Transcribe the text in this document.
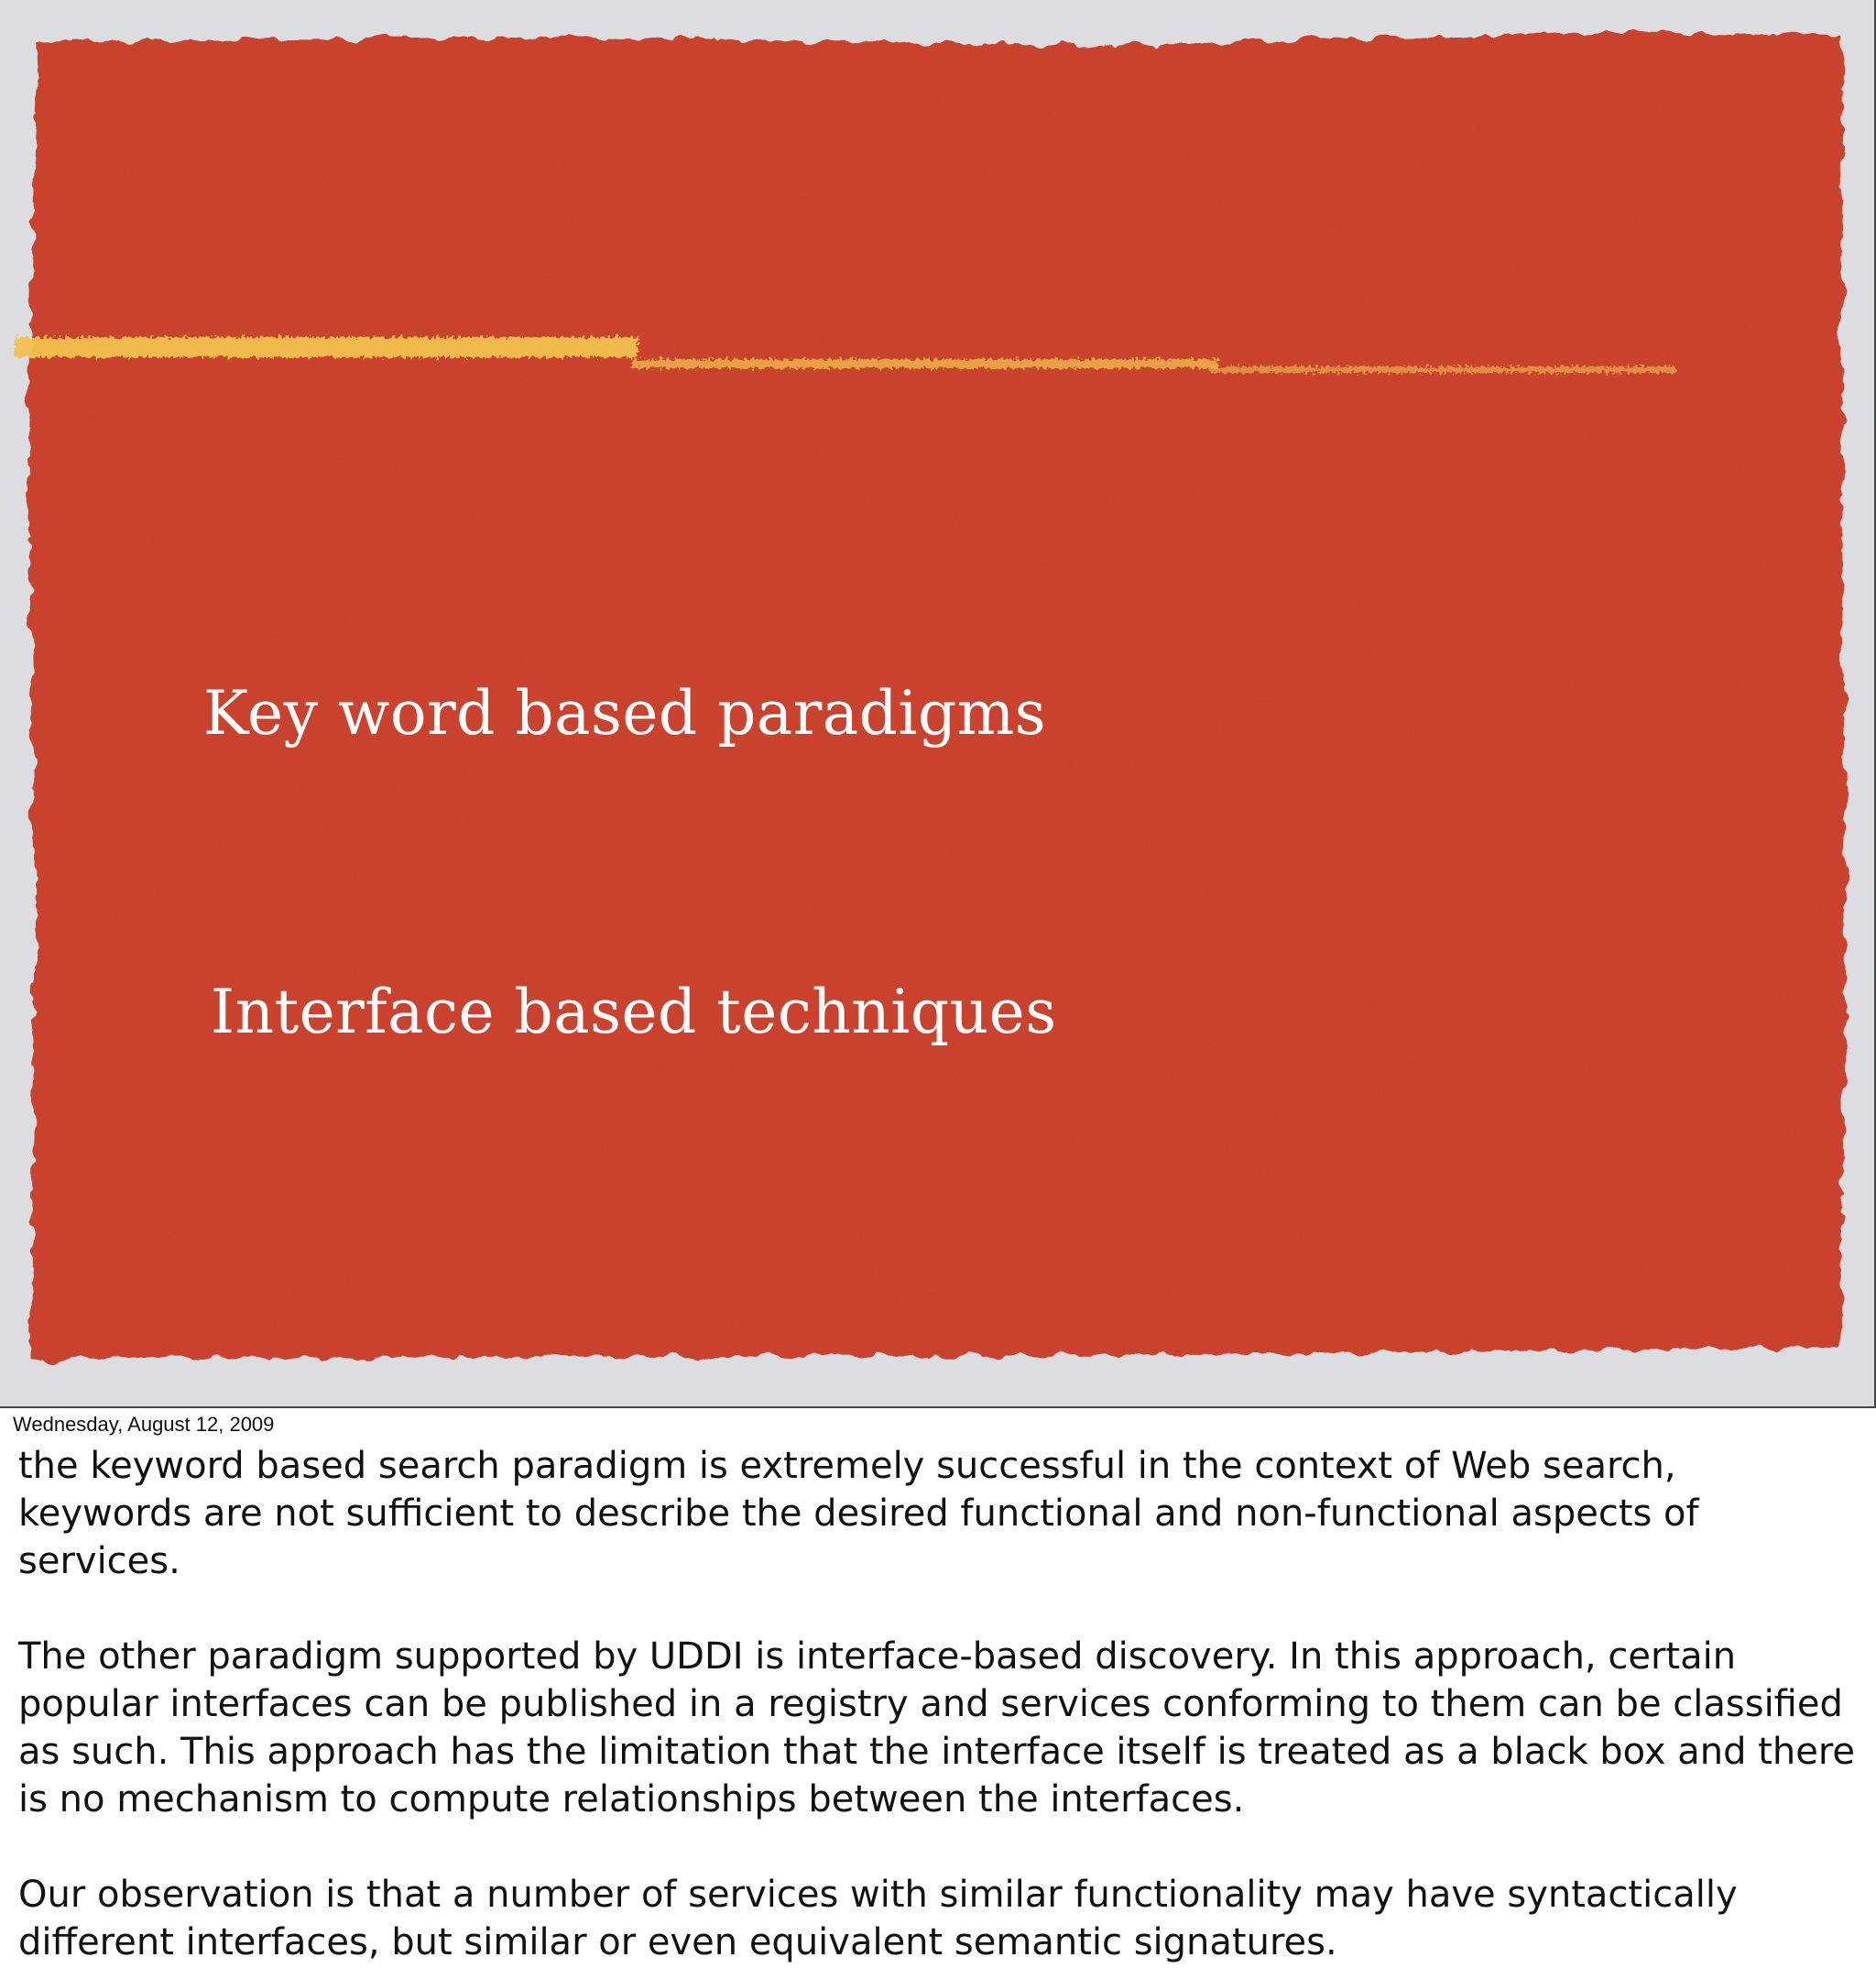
Key word based paradigms
Interface based techniques
Wednesday, August 12, 2009

the keyword based search paradigm is extremely successful in the context of Web search, keywords are not sufficient to describe the desired functional and non-functional aspects of services.

The other paradigm supported by UDDI is interface-based discovery. In this approach, certain popular interfaces can be published in a registry and services conforming to them can be classified as such. This approach has the limitation that the interface itself is treated as a black box and there is no mechanism to compute relationships between the interfaces.

Our observation is that a number of services with similar functionality may have syntactically different interfaces, but similar or even equivalent semantic signatures.
